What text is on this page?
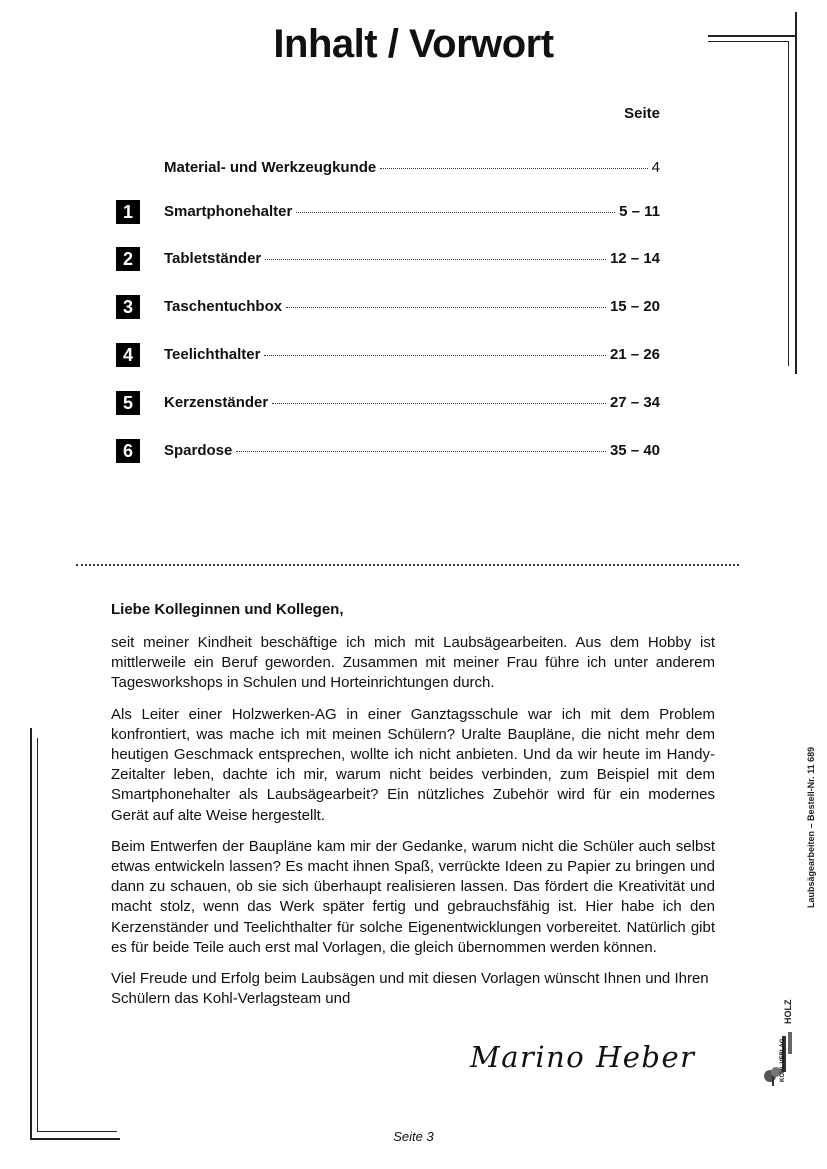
Inhalt / Vorwort
Seite
Material- und Werkzeugkunde	4
1	Smartphonehalter	5 – 11
2	Tabletständer	12 – 14
3	Taschentuchbox	15 – 20
4	Teelichthalter	21 – 26
5	Kerzenständer	27 – 34
6	Spardose	35 – 40
Liebe Kolleginnen und Kollegen,

seit meiner Kindheit beschäftige ich mich mit Laubsägearbeiten. Aus dem Hobby ist mittlerweile ein Beruf geworden. Zusammen mit meiner Frau führe ich unter anderem Tagesworkshops in Schulen und Horteinrichtungen durch.

Als Leiter einer Holzwerken-AG in einer Ganztagsschule war ich mit dem Problem konfrontiert, was mache ich mit meinen Schülern? Uralte Baupläne, die nicht mehr dem heutigen Geschmack entsprechen, wollte ich nicht anbieten. Und da wir heute im Handy-Zeitalter leben, dachte ich mir, warum nicht beides verbinden, zum Beispiel mit dem Smartphonehalter als Laubsägearbeit? Ein nützliches Zubehör wird für ein modernes Gerät auf alte Weise hergestellt.

Beim Entwerfen der Baupläne kam mir der Gedanke, warum nicht die Schüler auch selbst etwas entwickeln lassen? Es macht ihnen Spaß, verrückte Ideen zu Papier zu bringen und dann zu schauen, ob sie sich überhaupt realisieren lassen. Das fördert die Kreativität und macht stolz, wenn das Werk später fertig und gebrauchsfähig ist. Hier habe ich den Kerzenständer und Teelichthalter für solche Eigenentwicklungen vorbereitet. Natürlich gibt es für beide Teile auch erst mal Vorlagen, die gleich übernommen werden können.

Viel Freude und Erfolg beim Laubsägen und mit diesen Vorlagen wünscht Ihnen und Ihren Schülern das Kohl-Verlagsteam und

Marino Heber
Laubsägearbeiten – Bestell-Nr. 11 689
HOLZ
KOHL VERLAG
Seite 3
